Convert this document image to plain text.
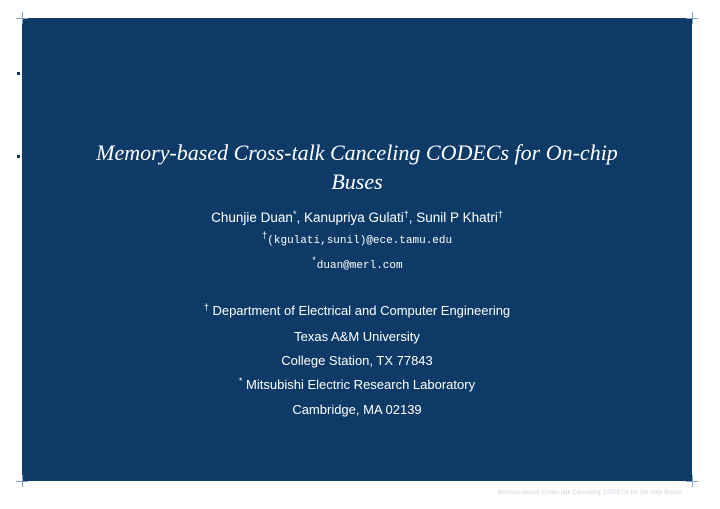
Memory-based Cross-talk Canceling CODECs for On-chip
Buses
Chunjie Duan*, Kanupriya Gulati†, Sunil P Khatri†
†(kgulati,sunil)@ece.tamu.edu
*duan@merl.com
† Department of Electrical and Computer Engineering
Texas A&M University
College Station, TX 77843
* Mitsubishi Electric Research Laboratory
Cambridge, MA 02139
Memory-based Cross-talk Canceling CODECs for On-chip Buses
